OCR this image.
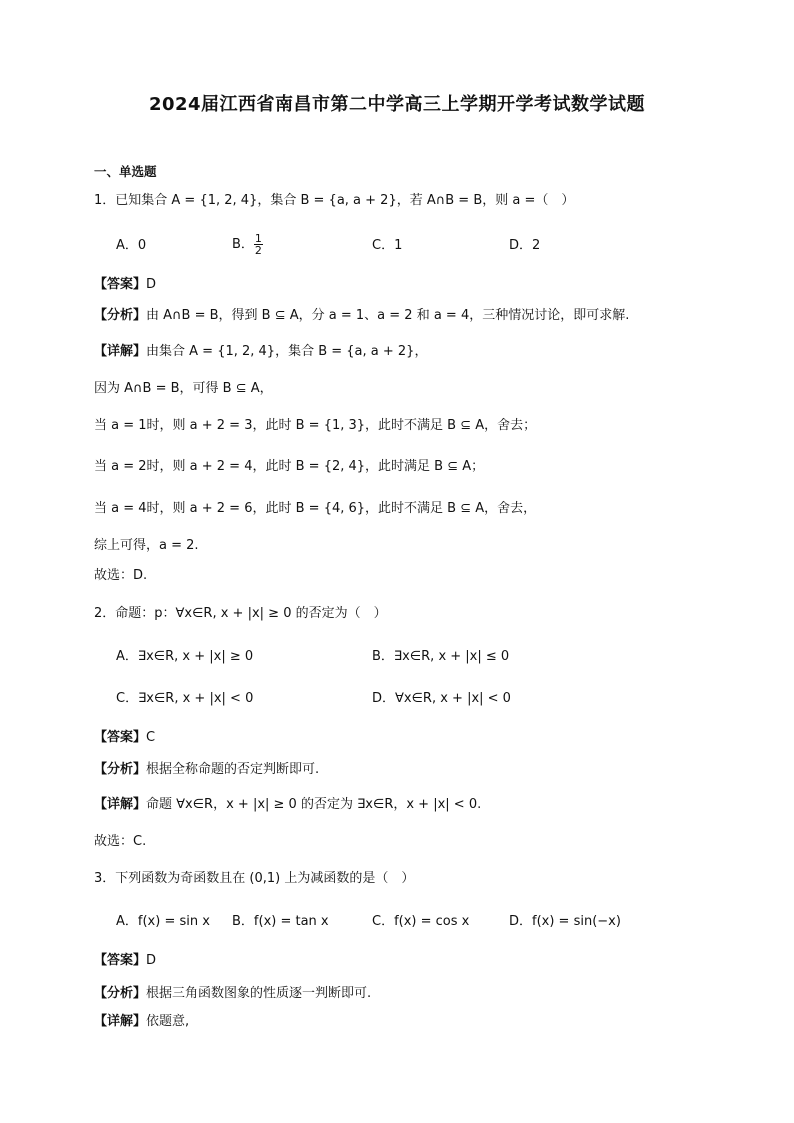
2024届江西省南昌市第二中学高三上学期开学考试数学试题
一、单选题
1．已知集合 A = {1, 2, 4}，集合 B = {a, a + 2}，若 A∩B = B，则 a =（　）
A．0	B． $\frac{1}{2}$	C．1	D．2
【答案】D
【分析】由 A∩B = B，得到 B ⊆ A，分 a = 1、a = 2 和 a = 4，三种情况讨论，即可求解.
【详解】由集合 A = {1, 2, 4}，集合 B = {a, a + 2}，
因为 A∩B = B，可得 B ⊆ A，
当 a = 1时，则 a + 2 = 3，此时 B = {1, 3}，此时不满足 B ⊆ A，舍去；
当 a = 2时，则 a + 2 = 4，此时 B = {2, 4}，此时满足 B ⊆ A；
当 a = 4时，则 a + 2 = 6，此时 B = {4, 6}，此时不满足 B ⊆ A，舍去，
综上可得，a = 2.
故选：D.
2．命题：p：∀x∈R, x + |x| ≥ 0 的否定为（　）
A．∃x∈R, x + |x| ≥ 0	B．∃x∈R, x + |x| ≤ 0
C．∃x∈R, x + |x| < 0	D．∀x∈R, x + |x| < 0
【答案】C
【分析】根据全称命题的否定判断即可.
【详解】命题 ∀x∈R，x + |x| ≥ 0 的否定为 ∃x∈R，x + |x| < 0.
故选：C.
3．下列函数为奇函数且在 (0,1) 上为减函数的是（　）
A．f(x) = sin x B．f(x) = tan x	C．f(x) = cos x	D．f(x) = sin(−x)
【答案】D
【分析】根据三角函数图象的性质逐一判断即可.
【详解】依题意,
